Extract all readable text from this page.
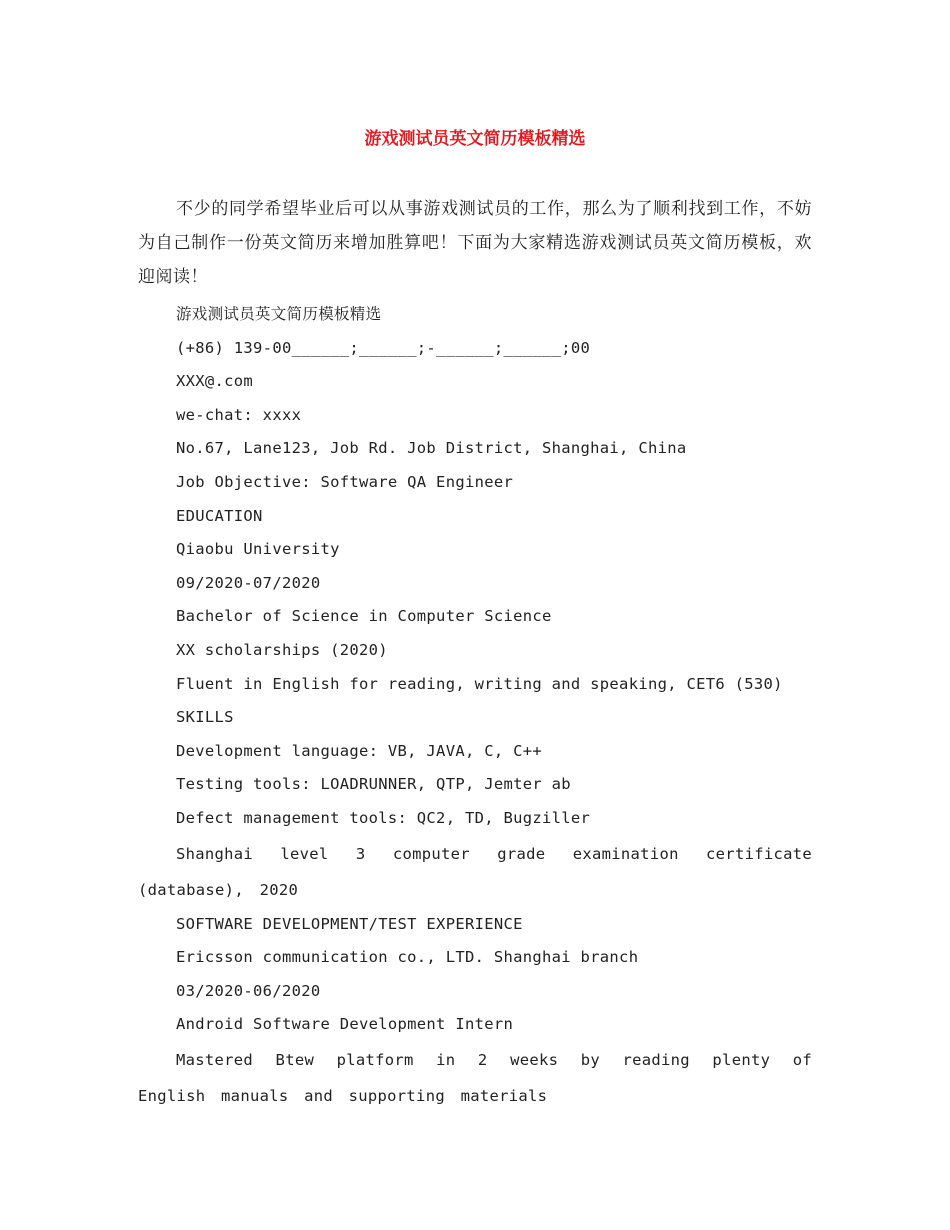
游戏测试员英文简历模板精选

不少的同学希望毕业后可以从事游戏测试员的工作，那么为了顺利找到工作，不妨为自己制作一份英文简历来增加胜算吧！下面为大家精选游戏测试员英文简历模板，欢迎阅读！

游戏测试员英文简历模板精选
(+86) 139-00______;______;-______;______;00
XXX@.com
we-chat: xxxx
No.67, Lane123, Job Rd. Job District, Shanghai, China
Job Objective: Software QA Engineer
EDUCATION
Qiaobu University
09/2020-07/2020
Bachelor of Science in Computer Science
XX scholarships (2020)
Fluent in English for reading, writing and speaking, CET6 (530)
SKILLS
Development language: VB, JAVA, C, C++
Testing tools: LOADRUNNER, QTP, Jemter ab
Defect management tools: QC2, TD, Bugziller
Shanghai level 3 computer grade examination certificate (database), 2020
SOFTWARE DEVELOPMENT/TEST EXPERIENCE
Ericsson communication co., LTD. Shanghai branch
03/2020-06/2020
Android Software Development Intern
Mastered Btew platform in 2 weeks by reading plenty of English manuals and supporting materials
